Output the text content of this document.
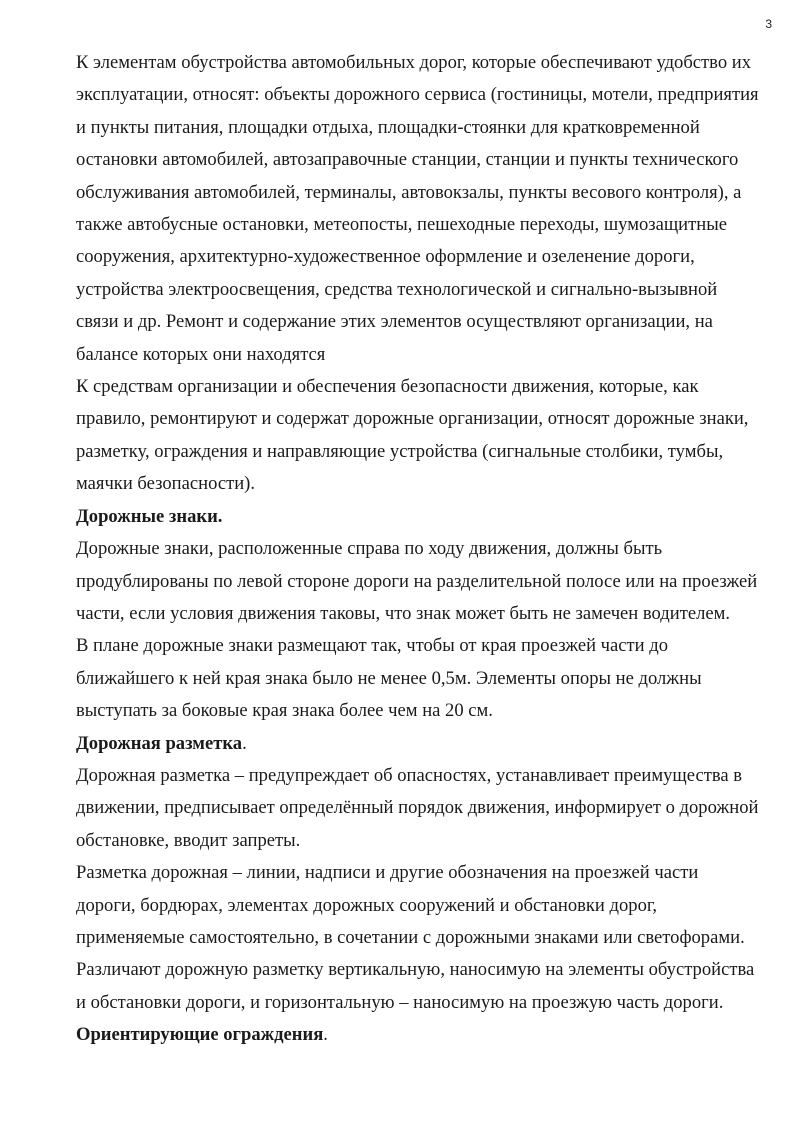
3

К элементам обустройства автомобильных дорог, которые обеспечивают удобство их
эксплуатации, относят: объекты дорожного сервиса (гостиницы, мотели, предприятия
и пункты питания, площадки отдыха, площадки-стоянки для кратковременной
остановки автомобилей, автозаправочные станции, станции и пункты технического
обслуживания автомобилей, терминалы, автовокзалы, пункты весового контроля), а
также автобусные остановки, метеопосты, пешеходные переходы, шумозащитные
сооружения, архитектурно-художественное оформление и озеленение дороги,
устройства электроосвещения, средства технологической и сигнально-вызывной
связи и др. Ремонт и содержание этих элементов осуществляют организации, на
балансе которых они находятся

К средствам организации и обеспечения безопасности движения, которые, как
правило, ремонтируют и содержат дорожные организации, относят дорожные знаки,
разметку, ограждения и направляющие устройства (сигнальные столбики, тумбы,
маячки безопасности).

Дорожные знаки.

Дорожные знаки, расположенные справа по ходу движения, должны быть
продублированы по левой стороне дороги на разделительной полосе или на проезжей
части, если условия движения таковы, что знак может быть не замечен водителем.

В плане дорожные знаки размещают так, чтобы от края проезжей части до
ближайшего к ней края знака было не менее 0,5м. Элементы опоры не должны
выступать за боковые края знака более чем на 20 см.

Дорожная разметка.

Дорожная разметка – предупреждает об опасностях, устанавливает преимущества в
движении, предписывает определённый порядок движения, информирует о дорожной
обстановке, вводит запреты.

Разметка дорожная – линии, надписи и другие обозначения на проезжей части
дороги, бордюрах, элементах дорожных сооружений и обстановки дорог,
применяемые самостоятельно, в сочетании с дорожными знаками или светофорами.

Различают дорожную разметку вертикальную, наносимую на элементы обустройства
и обстановки дороги, и горизонтальную – наносимую на проезжую часть дороги.

Ориентирующие ограждения.
